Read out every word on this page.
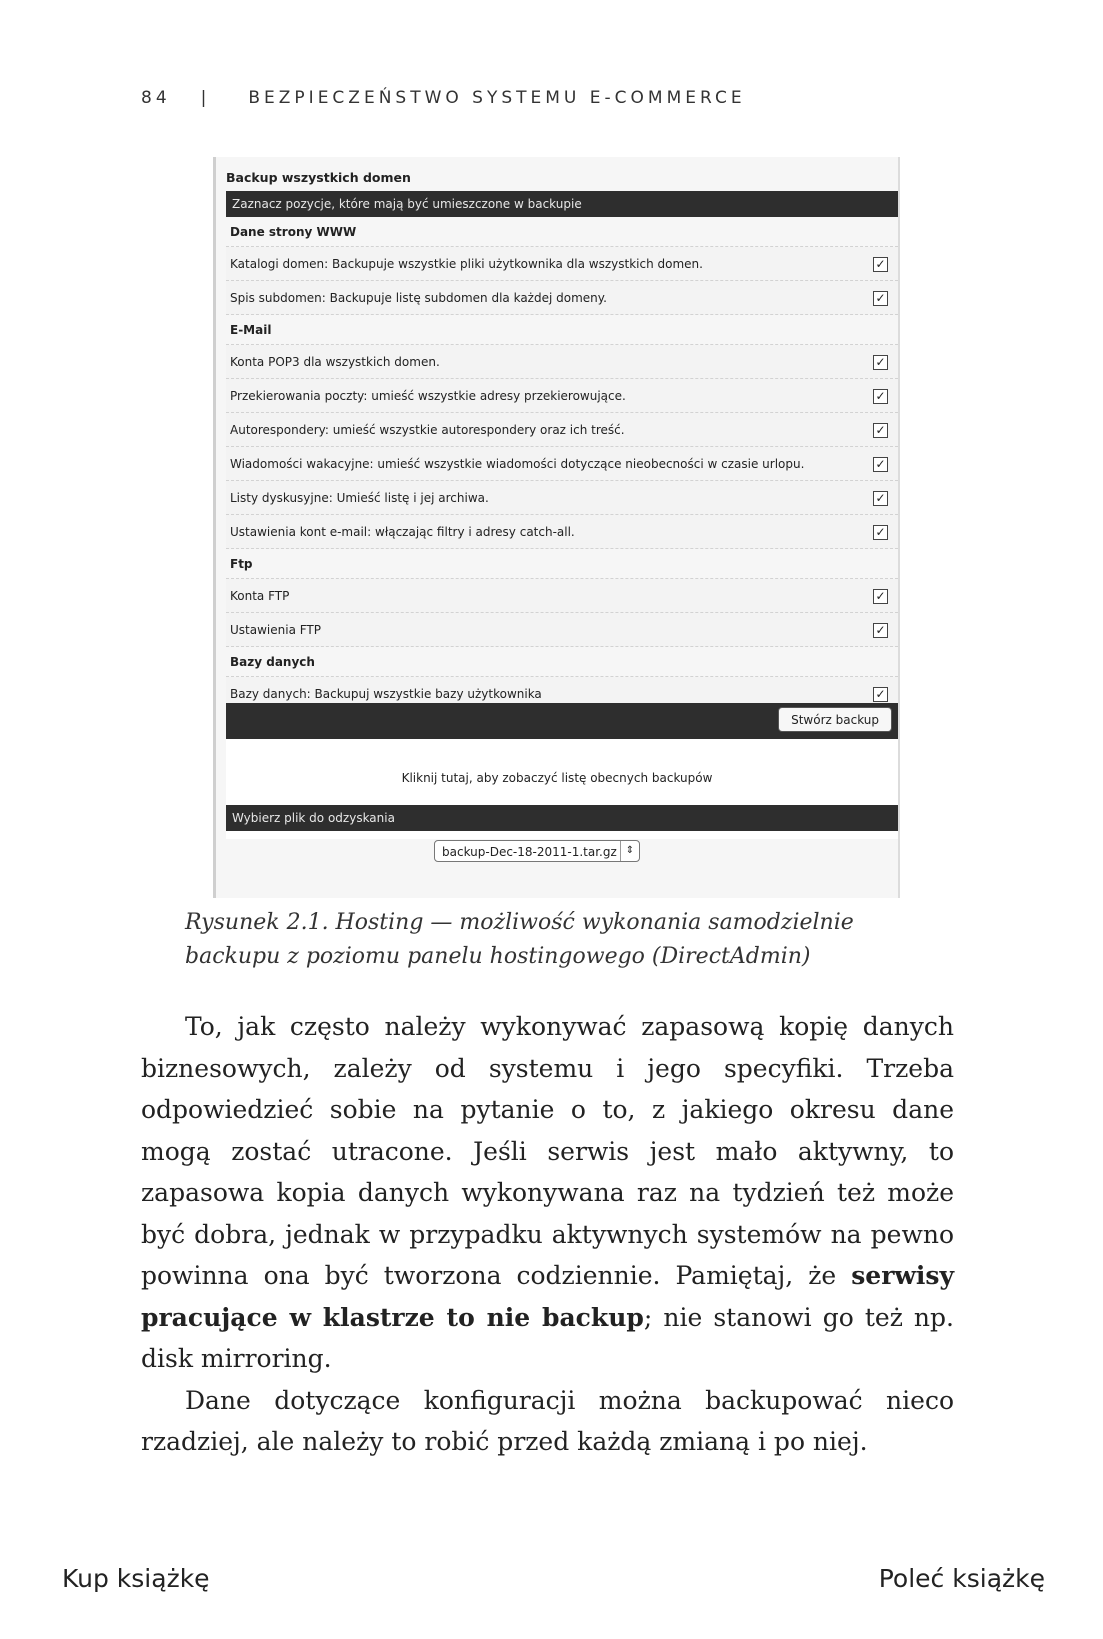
84 | BEZPIECZEŃSTWO SYSTEMU E-COMMERCE
Backup wszystkich domen
Zaznacz pozycje, które mają być umieszczone w backupie
Dane strony WWW
Katalogi domen: Backupuje wszystkie pliki użytkownika dla wszystkich domen.	✓
Spis subdomen: Backupuje listę subdomen dla każdej domeny.	✓
E-Mail
Konta POP3 dla wszystkich domen.	✓
Przekierowania poczty: umieść wszystkie adresy przekierowujące.	✓
Autorespondery: umieść wszystkie autorespondery oraz ich treść.	✓
Wiadomości wakacyjne: umieść wszystkie wiadomości dotyczące nieobecności w czasie urlopu.	✓
Listy dyskusyjne: Umieść listę i jej archiwa.	✓
Ustawienia kont e-mail: włączając filtry i adresy catch-all.	✓
Ftp
Konta FTP	✓
Ustawienia FTP	✓
Bazy danych
Bazy danych: Backupuj wszystkie bazy użytkownika	✓
Stwórz backup
Kliknij tutaj, aby zobaczyć listę obecnych backupów
Wybierz plik do odzyskania
backup-Dec-18-2011-1.tar.gz ⇕
Rysunek 2.1. Hosting — możliwość wykonania samodzielnie
backupu z poziomu panelu hostingowego (DirectAdmin)

To, jak często należy wykonywać zapasową kopię danych biznesowych, zależy od systemu i jego specyfiki. Trzeba odpowiedzieć sobie na pytanie o to, z jakiego okresu dane mogą zostać utracone. Jeśli serwis jest mało aktywny, to zapasowa kopia danych wykonywana raz na tydzień też może być dobra, jednak w przypadku aktywnych systemów na pewno powinna ona być tworzona codziennie. Pamiętaj, że serwisy pracujące w klastrze to nie backup; nie stanowi go też np. disk mirroring.

Dane dotyczące konfiguracji można backupować nieco rzadziej, ale należy to robić przed każdą zmianą i po niej.

Kup książkę	Poleć książkę
